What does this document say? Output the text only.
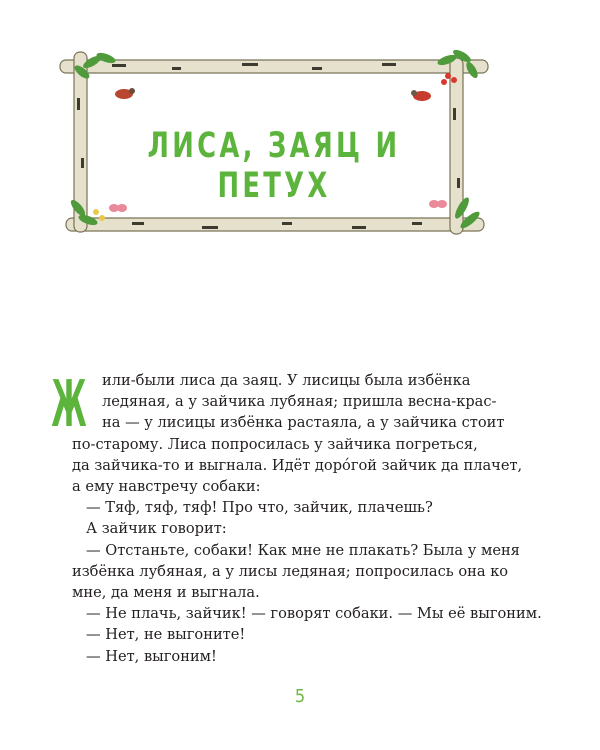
ЛИСА, ЗАЯЦ И ПЕТУХ
Ж	или-были лиса да заяц. У лисицы была избёнка
ледяная, а у зайчика лубяная; пришла весна-крас-
на — у лисицы избёнка растаяла, а у зайчика стоит
по-старому. Лиса попросилась у зайчика погреться,
да зайчика-то и выгнала. Идёт дорóгой зайчик да плачет,
а ему навстречу собаки:
— Тяф, тяф, тяф! Про что, зайчик, плачешь?
А зайчик говорит:
— Отстаньте, собаки! Как мне не плакать? Была у меня
избёнка лубяная, а у лисы ледяная; попросилась она ко
мне, да меня и выгнала.
— Не плачь, зайчик! — говорят собаки. — Мы её выгоним.
— Нет, не выгоните!
— Нет, выгоним!
5
